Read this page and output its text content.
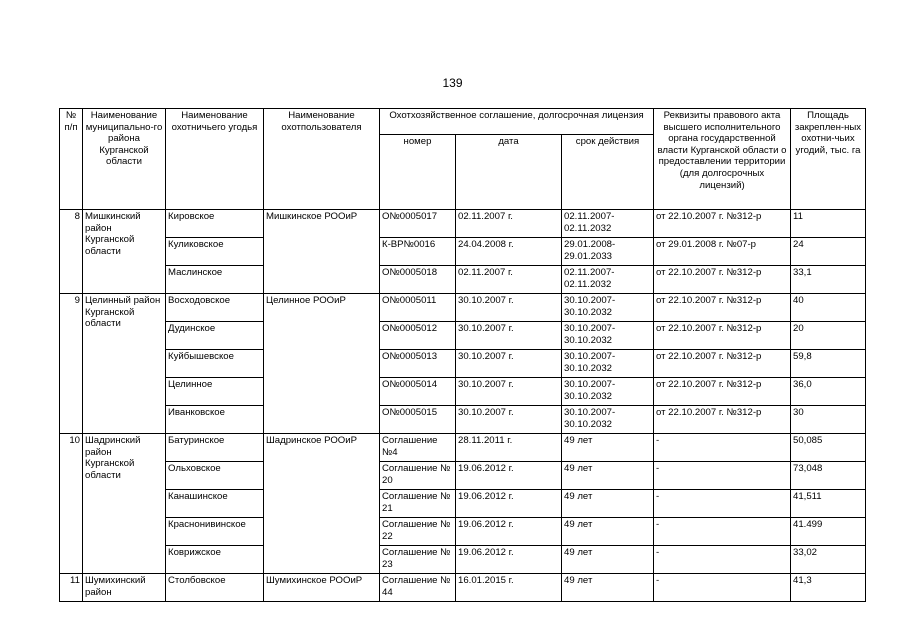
139
№ п/п	Наименование муниципально-го района Курганской области	Наименование охотничьего угодья	Наименование охотпользователя	Охотхозяйственное соглашение, долгосрочная лицензия			Реквизиты правового акта высшего исполнительного органа государственной власти Курганской области о предоставлении территории (для долгосрочных лицензий)	Площадь закреплен-ных охотни-чьих угодий, тыс. га
				номер	дата	срок действия		
8	Мишкинский район Курганской области	Кировское	Мишкинское РООиР	О№0005017	02.11.2007 г.	02.11.2007-02.11.2032	от 22.10.2007 г. №312-р	11
		Куликовское		К-ВР№0016	24.04.2008 г.	29.01.2008-29.01.2033	от 29.01.2008 г. №07-р	24
		Маслинское		О№0005018	02.11.2007 г.	02.11.2007-02.11.2032	от 22.10.2007 г. №312-р	33,1
9	Целинный район Курганской области	Восходовское	Целинное РООиР	О№0005011	30.10.2007 г.	30.10.2007-30.10.2032	от 22.10.2007 г. №312-р	40
		Дудинское		О№0005012	30.10.2007 г.	30.10.2007-30.10.2032	от 22.10.2007 г. №312-р	20
		Куйбышевское		О№0005013	30.10.2007 г.	30.10.2007-30.10.2032	от 22.10.2007 г. №312-р	59,8
		Целинное		О№0005014	30.10.2007 г.	30.10.2007-30.10.2032	от 22.10.2007 г. №312-р	36,0
		Иванковское		О№0005015	30.10.2007 г.	30.10.2007-30.10.2032	от 22.10.2007 г. №312-р	30
10	Шадринский район Курганской области	Батуринское	Шадринское РООиР	Соглашение №4	28.11.2011 г.	49 лет	-	50,085
		Ольховское		Соглашение № 20	19.06.2012 г.	49 лет	-	73,048
		Канашинское		Соглашение № 21	19.06.2012 г.	49 лет	-	41,511
		Краснонивинское		Соглашение № 22	19.06.2012 г.	49 лет	-	41.499
		Коврижское		Соглашение № 23	19.06.2012 г.	49 лет	-	33,02
11	Шумихинский район	Столбовское	Шумихинское РООиР	Соглашение № 44	16.01.2015 г.	49 лет	-	41,3
